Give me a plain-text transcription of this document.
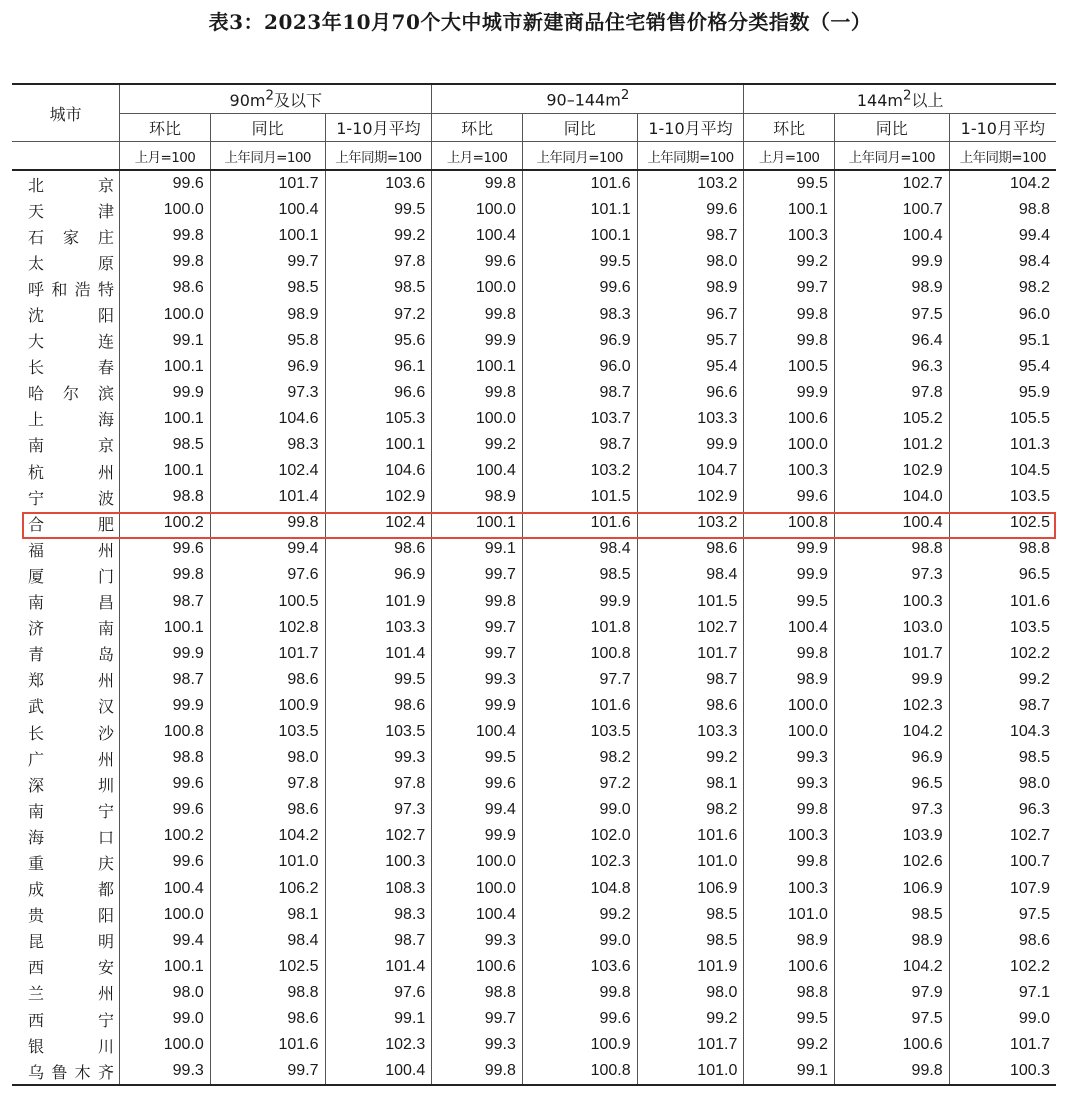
表3：2023年10月70个大中城市新建商品住宅销售价格分类指数（一）
城市	$90m^2$及以下			$90-144m^2$			$144m^2$以上		
	环比	同比	1-10月平均	环比	同比	1-10月平均	环比	同比	1-10月平均
	上月=100	上年同月=100	上年同期=100	上月=100	上年同月=100	上年同期=100	上月=100	上年同月=100	上年同期=100
北京	99.6	101.7	103.6	99.8	101.6	103.2	99.5	102.7	104.2
天津	100.0	100.4	99.5	100.0	101.1	99.6	100.1	100.7	98.8
石家庄	99.8	100.1	99.2	100.4	100.1	98.7	100.3	100.4	99.4
太原	99.8	99.7	97.8	99.6	99.5	98.0	99.2	99.9	98.4
呼和浩特	98.6	98.5	98.5	100.0	99.6	98.9	99.7	98.9	98.2
沈阳	100.0	98.9	97.2	99.8	98.3	96.7	99.8	97.5	96.0
大连	99.1	95.8	95.6	99.9	96.9	95.7	99.8	96.4	95.1
长春	100.1	96.9	96.1	100.1	96.0	95.4	100.5	96.3	95.4
哈尔滨	99.9	97.3	96.6	99.8	98.7	96.6	99.9	97.8	95.9
上海	100.1	104.6	105.3	100.0	103.7	103.3	100.6	105.2	105.5
南京	98.5	98.3	100.1	99.2	98.7	99.9	100.0	101.2	101.3
杭州	100.1	102.4	104.6	100.4	103.2	104.7	100.3	102.9	104.5
宁波	98.8	101.4	102.9	98.9	101.5	102.9	99.6	104.0	103.5
合肥	100.2	99.8	102.4	100.1	101.6	103.2	100.8	100.4	102.5
福州	99.6	99.4	98.6	99.1	98.4	98.6	99.9	98.8	98.8
厦门	99.8	97.6	96.9	99.7	98.5	98.4	99.9	97.3	96.5
南昌	98.7	100.5	101.9	99.8	99.9	101.5	99.5	100.3	101.6
济南	100.1	102.8	103.3	99.7	101.8	102.7	100.4	103.0	103.5
青岛	99.9	101.7	101.4	99.7	100.8	101.7	99.8	101.7	102.2
郑州	98.7	98.6	99.5	99.3	97.7	98.7	98.9	99.9	99.2
武汉	99.9	100.9	98.6	99.9	101.6	98.6	100.0	102.3	98.7
长沙	100.8	103.5	103.5	100.4	103.5	103.3	100.0	104.2	104.3
广州	98.8	98.0	99.3	99.5	98.2	99.2	99.3	96.9	98.5
深圳	99.6	97.8	97.8	99.6	97.2	98.1	99.3	96.5	98.0
南宁	99.6	98.6	97.3	99.4	99.0	98.2	99.8	97.3	96.3
海口	100.2	104.2	102.7	99.9	102.0	101.6	100.3	103.9	102.7
重庆	99.6	101.0	100.3	100.0	102.3	101.0	99.8	102.6	100.7
成都	100.4	106.2	108.3	100.0	104.8	106.9	100.3	106.9	107.9
贵阳	100.0	98.1	98.3	100.4	99.2	98.5	101.0	98.5	97.5
昆明	99.4	98.4	98.7	99.3	99.0	98.5	98.9	98.9	98.6
西安	100.1	102.5	101.4	100.6	103.6	101.9	100.6	104.2	102.2
兰州	98.0	98.8	97.6	98.8	99.8	98.0	98.8	97.9	97.1
西宁	99.0	98.6	99.1	99.7	99.6	99.2	99.5	97.5	99.0
银川	100.0	101.6	102.3	99.3	100.9	101.7	99.2	100.6	101.7
乌鲁木齐	99.3	99.7	100.4	99.8	100.8	101.0	99.1	99.8	100.3
